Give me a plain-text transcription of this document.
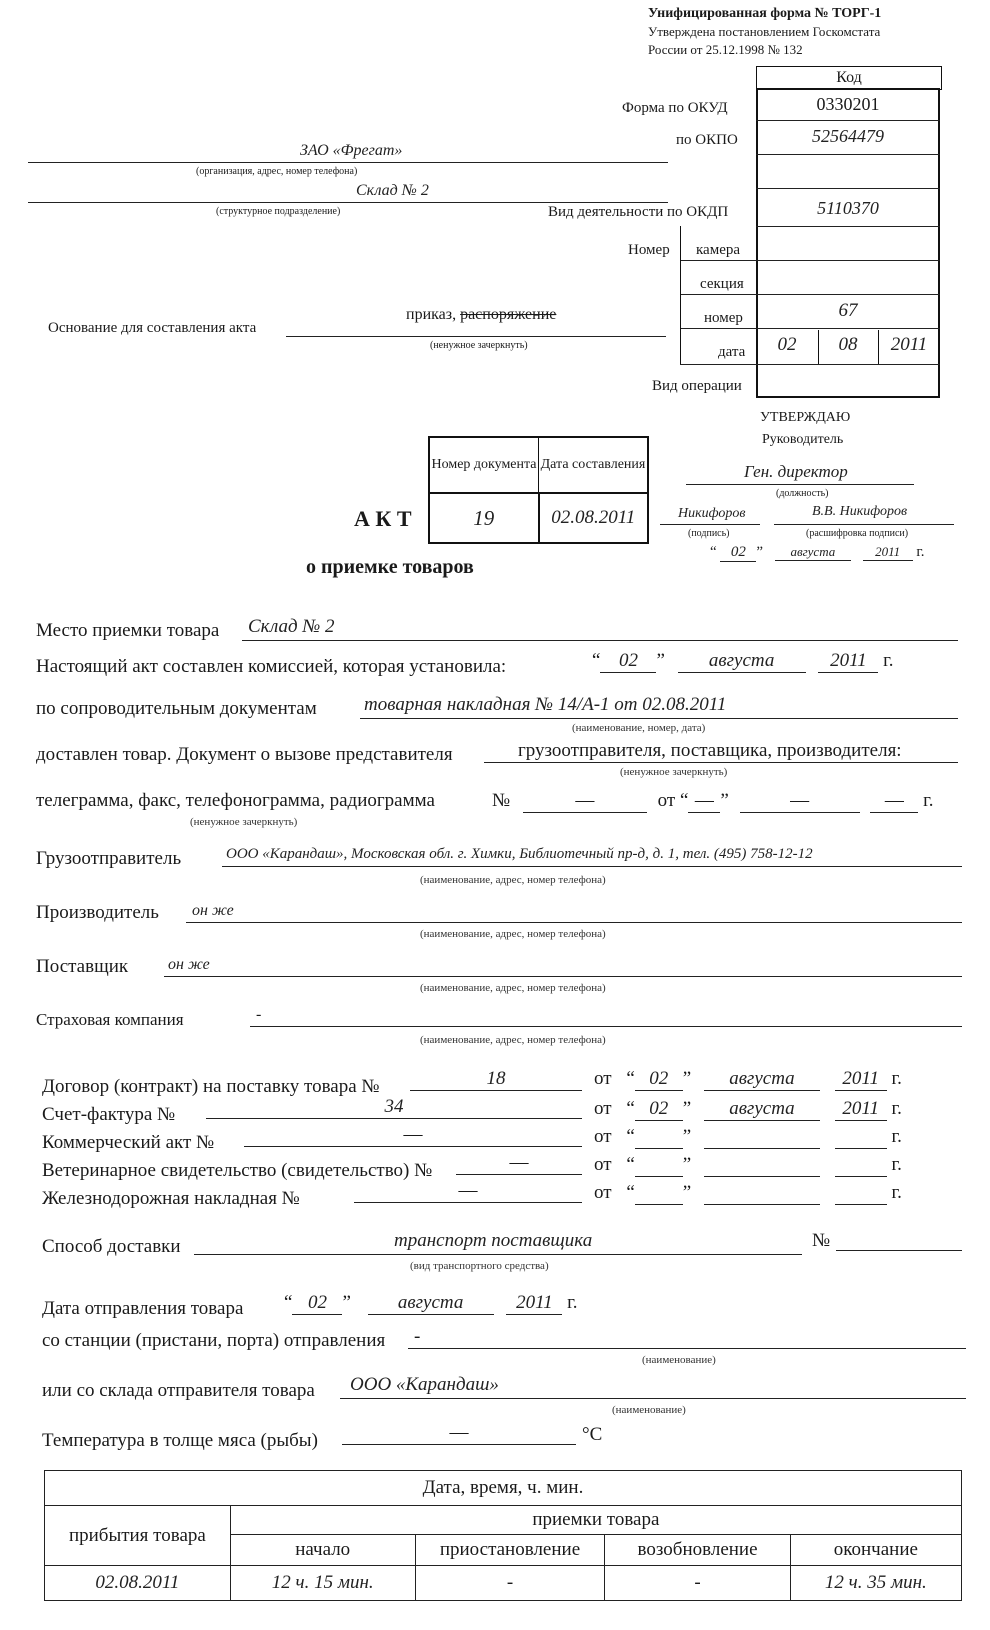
Унифицированная форма № ТОРГ-1
Утверждена постановлением Госкомстата
России от 25.12.1998 № 132
Код
Форма по ОКУД	0330201
по ОКПО	52564479
Вид деятельности по ОКДП	5110370
Номер камера
секция
номер	67
дата	02	08	2011
Вид операции
ЗАО «Фрегат»
(организация, адрес, номер телефона)
Склад № 2
(структурное подразделение)
Основание для составления акта
приказ, распоряжение
(ненужное зачеркнуть)
УТВЕРЖДАЮ
Руководитель
Ген. директор
(должность)
Никифоров
(подпись)
В.В. Никифоров
(расшифровка подписи)
“ 02 ” августа	2011 г.
Номер документа	Дата составления
19	02.08.2011
А К Т
о приемке товаров
Место приемки товара Склад № 2
Настоящий акт составлен комиссией, которая установила:	“ 02 ” августа	2011 г.
по сопроводительным документам товарная накладная № 14/А-1 от 02.08.2011
(наименование, номер, дата)
доставлен товар. Документ о вызове представителя	грузоотправителя, поставщика, производителя:
(ненужное зачеркнуть)
телеграмма, факс, телефонограмма, радиограмма
(ненужное зачеркнуть)
№	—	от “ — ”	—	— г.
Грузоотправитель	ООО «Карандаш», Московская обл. г. Химки, Библиотечный пр-д, д. 1, тел. (495) 758-12-12
(наименование, адрес, номер телефона)
Производитель он же
(наименование, адрес, номер телефона)
Поставщик он же
(наименование, адрес, номер телефона)
Страховая компания	-
(наименование, адрес, номер телефона)
Договор (контракт) на поставку товара №	18	от “ 02 ” августа	2011 г.
Счет-фактура №	34	от “ 02 ” августа	2011 г.
Коммерческий акт №	—	от “	”	г.
Ветеринарное свидетельство (свидетельство) №	—	от “	”	г.
Железнодорожная накладная №	—	от “	”	г.
Способ доставки	транспорт поставщика
(вид транспортного средства)
№
Дата отправления товара “ 02 ” августа	2011 г.
со станции (пристани, порта) отправления -
(наименование)
или со склада отправителя товара ООО «Карандаш»
(наименование)
Температура в толще мяса (рыбы)	—	°С
Дата, время, ч. мин.				
прибытия товара	приемки товара			
	начало	приостановление	возобновление	окончание
02.08.2011	12 ч. 15 мин.	-	-	12 ч. 35 мин.
